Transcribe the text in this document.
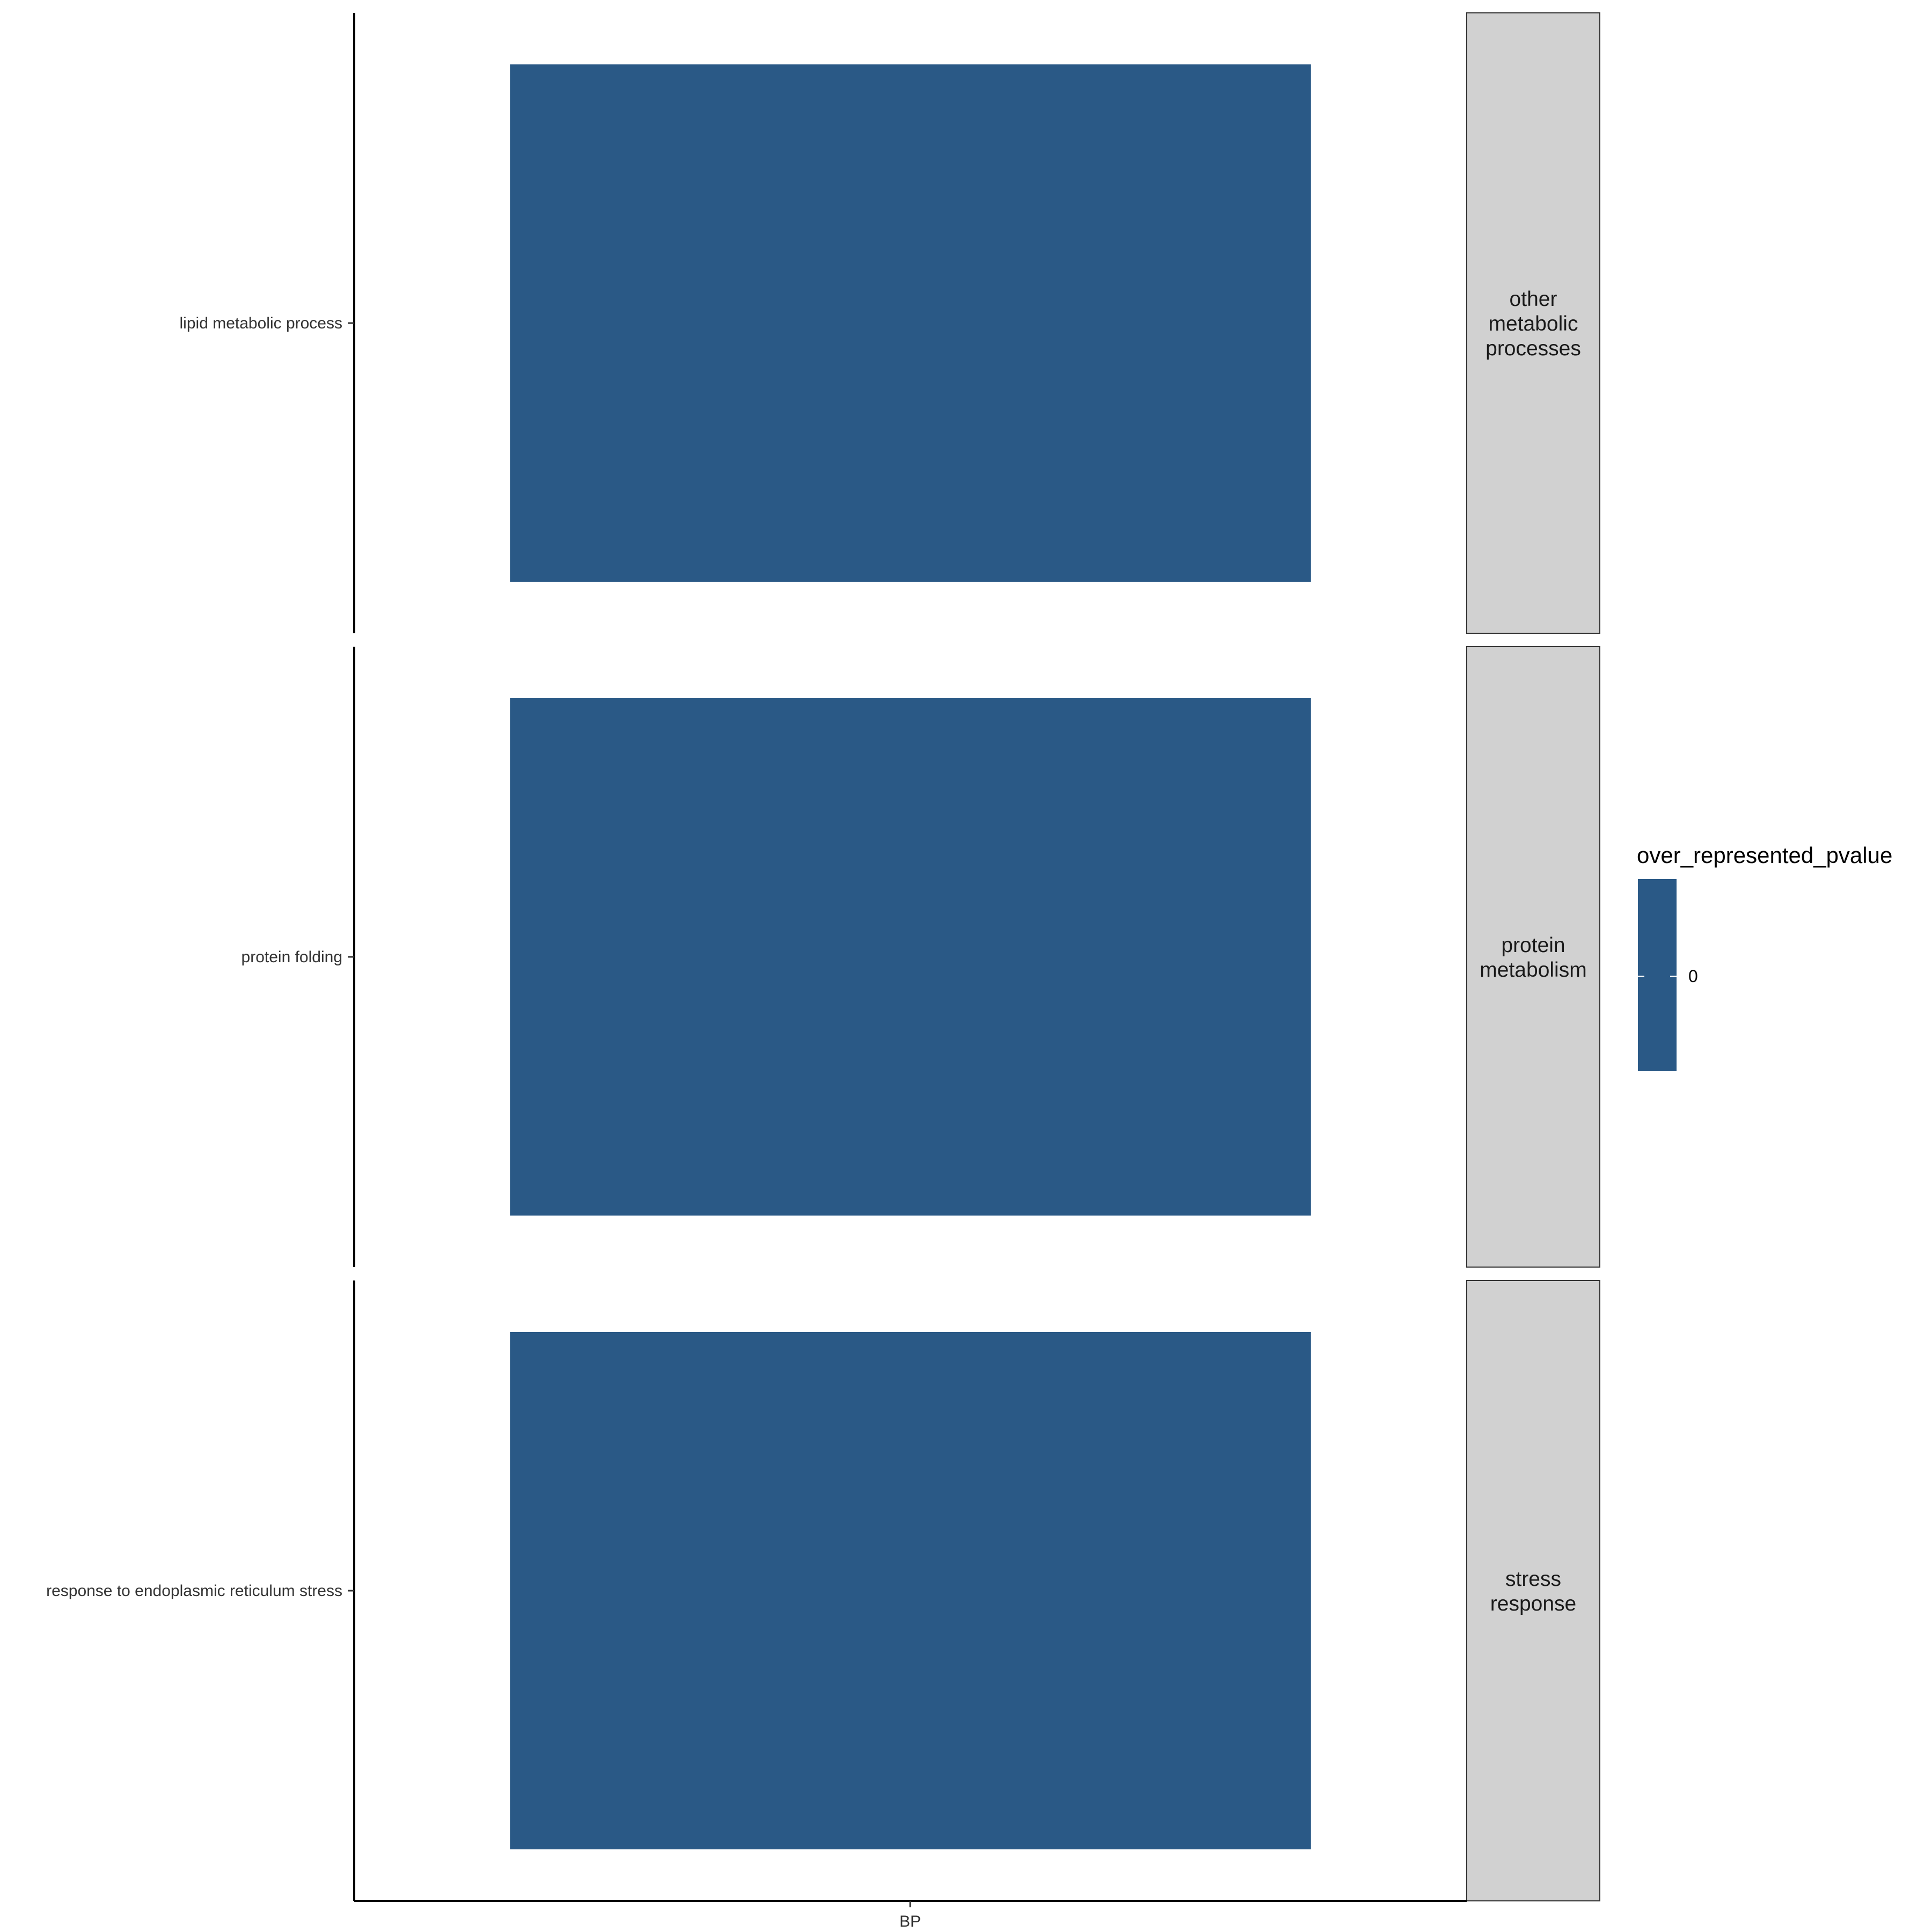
lipid metabolic process
protein folding
response to endoplasmic reticulum stress
other metabolic processes
protein metabolism
stress response
BP
over_represented_pvalue
0
